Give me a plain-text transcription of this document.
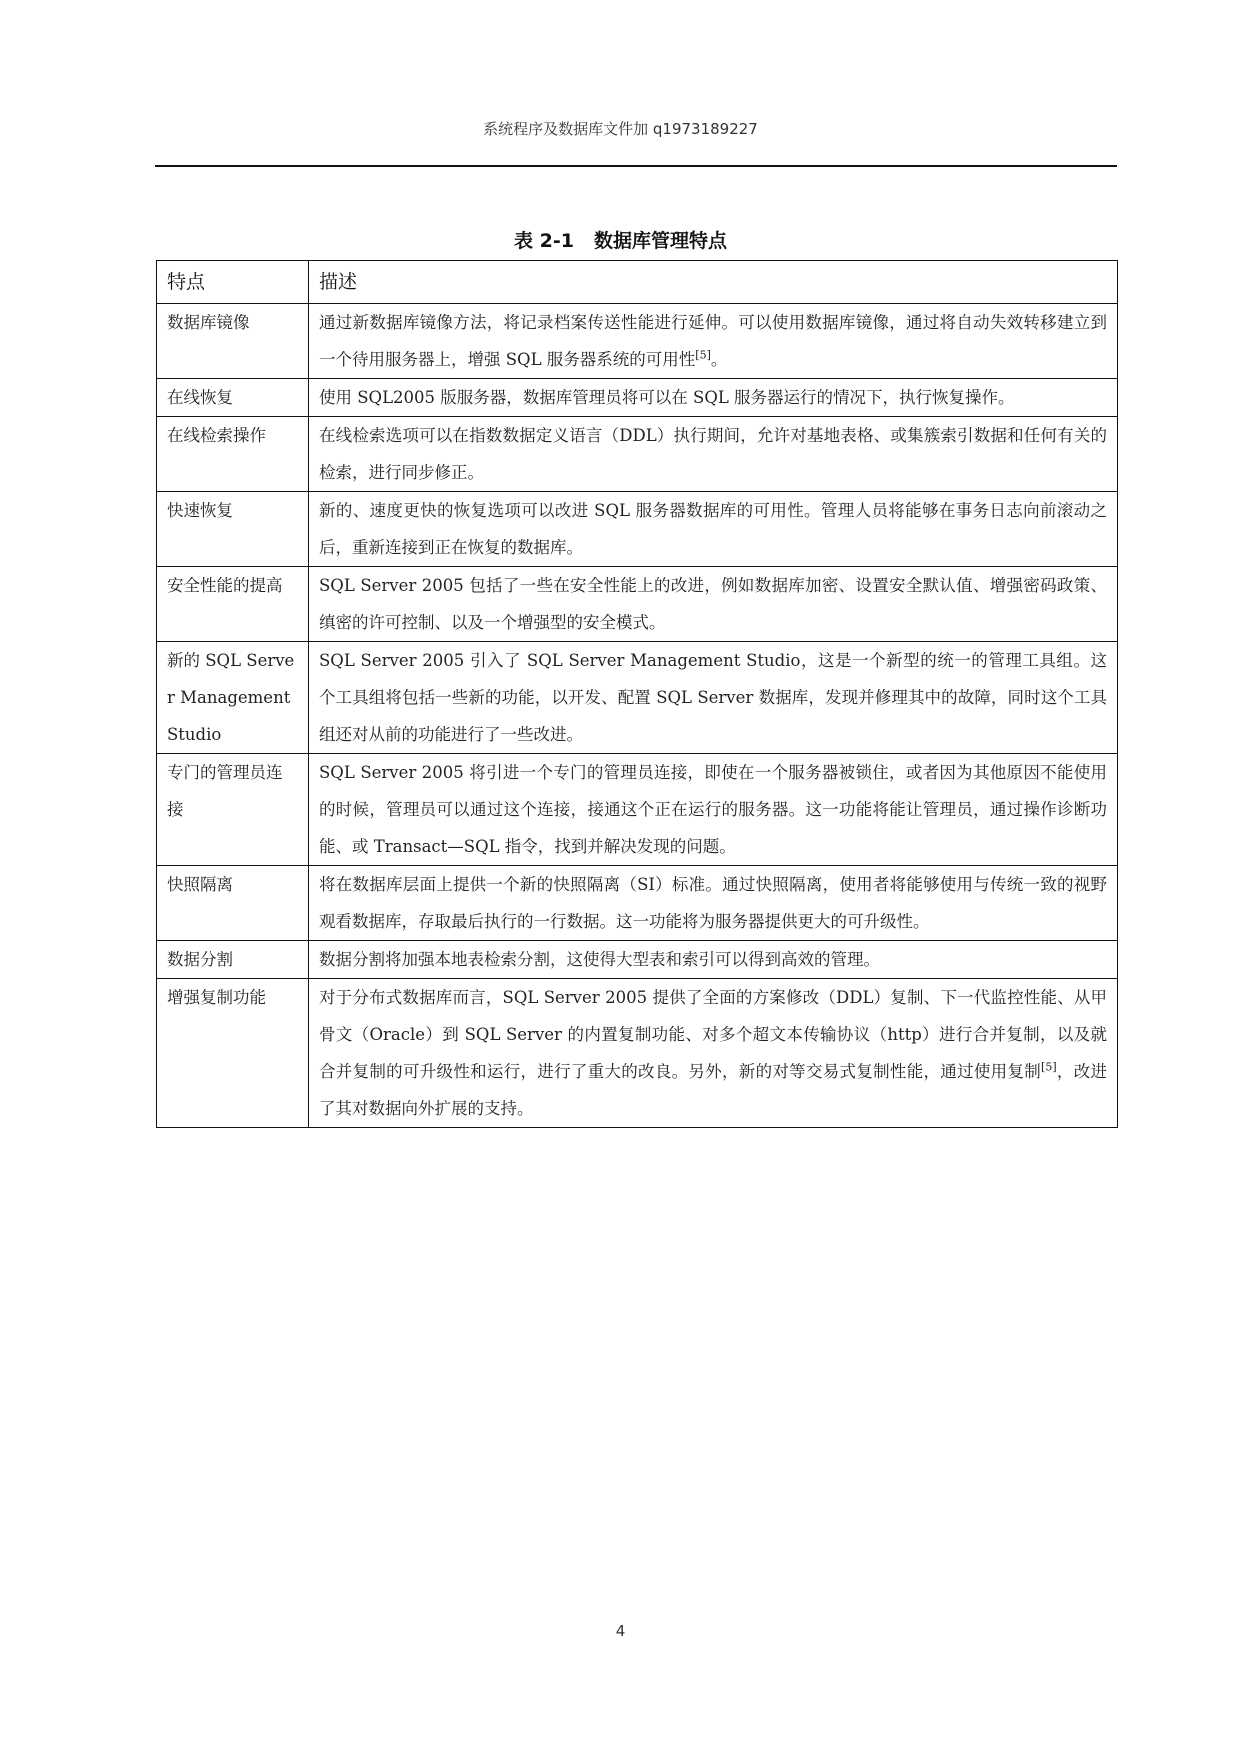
系统程序及数据库文件加 q1973189227
表 2-1 数据库管理特点
特点	描述
数据库镜像	通过新数据库镜像方法，将记录档案传送性能进行延伸。可以使用数据库镜像，通过将自动失效转移建立到一个待用服务器上，增强 SQL 服务器系统的可用性[5]。
在线恢复	使用 SQL2005 版服务器，数据库管理员将可以在 SQL 服务器运行的情况下，执行恢复操作。
在线检索操作	在线检索选项可以在指数数据定义语言（DDL）执行期间，允许对基地表格、或集簇索引数据和任何有关的检索，进行同步修正。
快速恢复	新的、速度更快的恢复选项可以改进 SQL 服务器数据库的可用性。管理人员将能够在事务日志向前滚动之后，重新连接到正在恢复的数据库。
安全性能的提高	SQL Server 2005 包括了一些在安全性能上的改进，例如数据库加密、设置安全默认值、增强密码政策、缜密的许可控制、以及一个增强型的安全模式。
新的 SQL Server Management Studio	SQL Server 2005 引入了 SQL Server Management Studio，这是一个新型的统一的管理工具组。这个工具组将包括一些新的功能，以开发、配置 SQL Server 数据库，发现并修理其中的故障，同时这个工具组还对从前的功能进行了一些改进。
专门的管理员连接	SQL Server 2005 将引进一个专门的管理员连接，即使在一个服务器被锁住，或者因为其他原因不能使用的时候，管理员可以通过这个连接，接通这个正在运行的服务器。这一功能将能让管理员，通过操作诊断功能、或 Transact—SQL 指令，找到并解决发现的问题。
快照隔离	将在数据库层面上提供一个新的快照隔离（SI）标准。通过快照隔离，使用者将能够使用与传统一致的视野观看数据库，存取最后执行的一行数据。这一功能将为服务器提供更大的可升级性。
数据分割	数据分割将加强本地表检索分割，这使得大型表和索引可以得到高效的管理。
增强复制功能	对于分布式数据库而言，SQL Server 2005 提供了全面的方案修改（DDL）复制、下一代监控性能、从甲骨文（Oracle）到 SQL Server 的内置复制功能、对多个超文本传输协议（http）进行合并复制，以及就合并复制的可升级性和运行，进行了重大的改良。另外，新的对等交易式复制性能，通过使用复制[5]，改进了其对数据向外扩展的支持。
4
